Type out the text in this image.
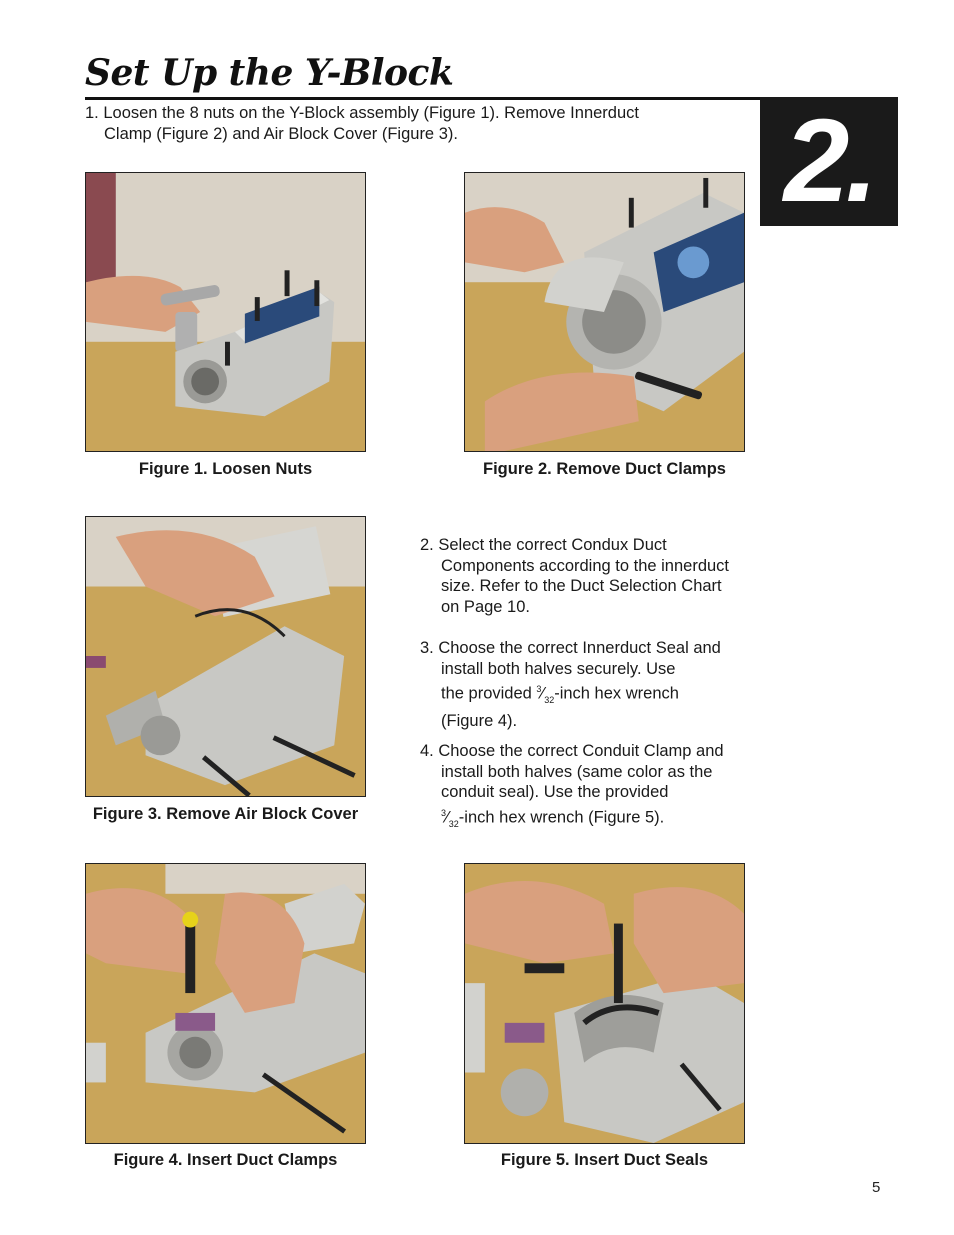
Set Up the Y-Block
2.
1. Loosen the 8 nuts on the Y-Block assembly (Figure 1). Remove Innerduct
Clamp (Figure 2) and Air Block Cover (Figure 3).
Figure 1. Loosen Nuts	Figure 2. Remove Duct Clamps
Figure 3. Remove Air Block Cover
2. Select the correct Condux Duct
Components according to the innerduct
size. Refer to the Duct Selection Chart
on Page 10.
3. Choose the correct Innerduct Seal and
install both halves securely. Use
the provided $^3⁄_{32}$-inch hex wrench
(Figure 4).
4. Choose the correct Conduit Clamp and
install both halves (same color as the
conduit seal). Use the provided
$^3⁄_{32}$-inch hex wrench (Figure 5).
Figure 4. Insert Duct Clamps	Figure 5. Insert Duct Seals
5
